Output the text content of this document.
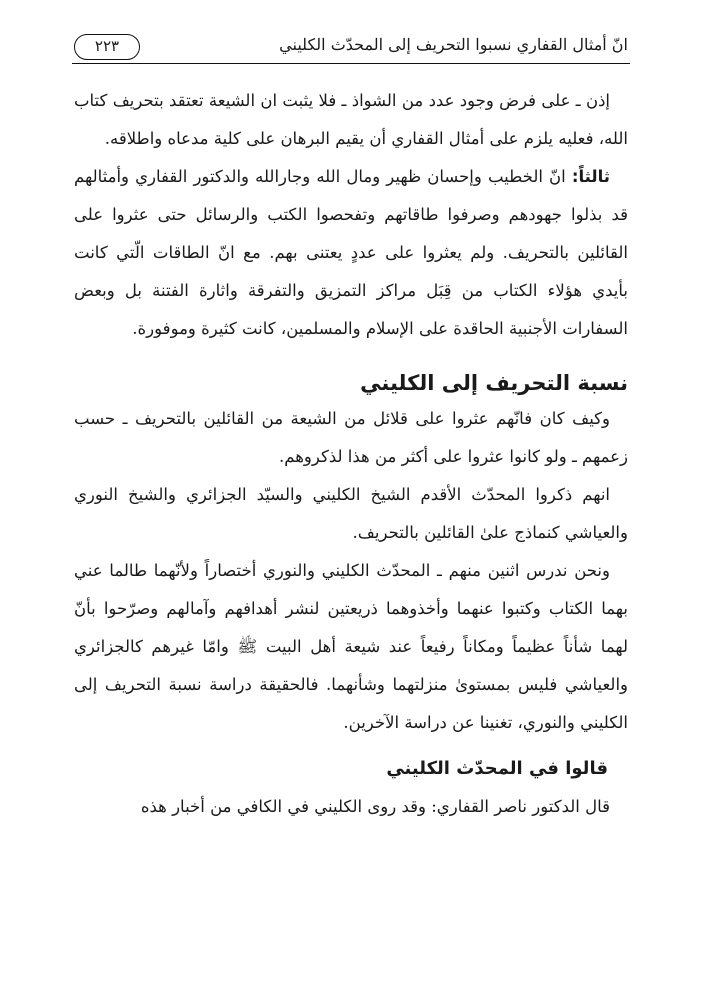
انّ أمثال القفاري نسبوا التحريف إلى المحدّث الكليني
٢٢٣

إذن ـ على فرض وجود عدد من الشواذ ـ فلا يثبت ان الشيعة تعتقد بتحريف كتاب الله، فعليه يلزم على أمثال القفاري أن يقيم البرهان على كلية مدعاه واطلاقه.

ثالثاً: انّ الخطيب وإحسان ظهير ومال الله وجارالله والدكتور القفاري وأمثالهم قد بذلوا جهودهم وصرفوا طاقاتهم وتفحصوا الكتب والرسائل حتى عثروا على القائلين بالتحريف. ولم يعثروا على عددٍ يعتنى بهم. مع انّ الطاقات الّتي كانت بأيدي هؤلاء الكتاب من قِبَل مراكز التمزيق والتفرقة واثارة الفتنة بل وبعض السفارات الأجنبية الحاقدة على الإسلام والمسلمين، كانت كثيرة وموفورة.

نسبة التحريف إلى الكليني

وكيف كان فانّهم عثروا على قلائل من الشيعة من القائلين بالتحريف ـ حسب زعمهم ـ ولو كانوا عثروا على أكثر من هذا لذكروهم.

انهم ذكروا المحدّث الأقدم الشيخ الكليني والسيّد الجزائري والشيخ النوري والعياشي كنماذج علىٰ القائلين بالتحريف.

ونحن ندرس اثنين منهم ـ المحدّث الكليني والنوري أختصاراً ولأنّهما طالما عني بهما الكتاب وكتبوا عنهما وأخذوهما ذريعتين لنشر أهدافهم وآمالهم وصرّحوا بأنّ لهما شأناً عظيماً ومكاناً رفيعاً عند شيعة أهل البيت ﷺ وامّا غيرهم كالجزائري والعياشي فليس بمستوىٰ منزلتهما وشأنهما. فالحقيقة دراسة نسبة التحريف إلى الكليني والنوري، تغنينا عن دراسة الآخرين.

قالوا في المحدّث الكليني

قال الدكتور ناصر القفاري: وقد روى الكليني في الكافي من أخبار هذه
